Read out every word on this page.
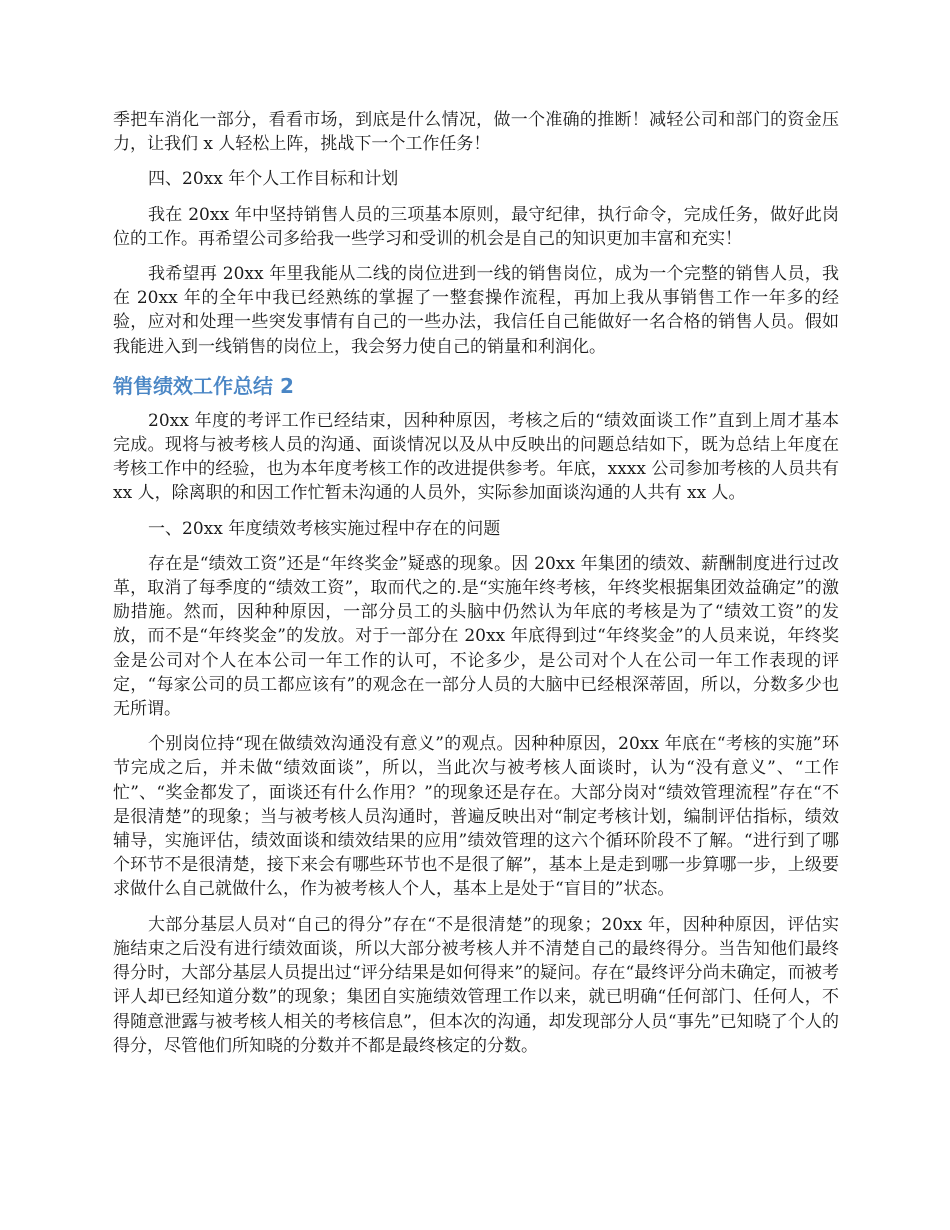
季把车消化一部分，看看市场，到底是什么情况，做一个准确的推断！减轻公司和部门的资金压力，让我们 x 人轻松上阵，挑战下一个工作任务！

四、20xx 年个人工作目标和计划

我在 20xx 年中坚持销售人员的三项基本原则，最守纪律，执行命令，完成任务，做好此岗位的工作。再希望公司多给我一些学习和受训的机会是自己的知识更加丰富和充实！

我希望再 20xx 年里我能从二线的岗位进到一线的销售岗位，成为一个完整的销售人员，我在 20xx 年的全年中我已经熟练的掌握了一整套操作流程，再加上我从事销售工作一年多的经验，应对和处理一些突发事情有自己的一些办法，我信任自己能做好一名合格的销售人员。假如我能进入到一线销售的岗位上，我会努力使自己的销量和利润化。

销售绩效工作总结 2

20xx 年度的考评工作已经结束，因种种原因，考核之后的“绩效面谈工作”直到上周才基本完成。现将与被考核人员的沟通、面谈情况以及从中反映出的问题总结如下，既为总结上年度在考核工作中的经验，也为本年度考核工作的改进提供参考。年底，xxxx 公司参加考核的人员共有 xx 人，除离职的和因工作忙暂未沟通的人员外，实际参加面谈沟通的人共有 xx 人。

一、20xx 年度绩效考核实施过程中存在的问题

存在是“绩效工资”还是“年终奖金”疑惑的现象。因 20xx 年集团的绩效、薪酬制度进行过改革，取消了每季度的“绩效工资”，取而代之的.是“实施年终考核，年终奖根据集团效益确定”的激励措施。然而，因种种原因，一部分员工的头脑中仍然认为年底的考核是为了“绩效工资”的发放，而不是“年终奖金”的发放。对于一部分在 20xx 年底得到过“年终奖金”的人员来说，年终奖金是公司对个人在本公司一年工作的认可，不论多少，是公司对个人在公司一年工作表现的评定，“每家公司的员工都应该有”的观念在一部分人员的大脑中已经根深蒂固，所以，分数多少也无所谓。

个别岗位持“现在做绩效沟通没有意义”的观点。因种种原因，20xx 年底在“考核的实施”环节完成之后，并未做“绩效面谈”，所以，当此次与被考核人面谈时，认为“没有意义”、“工作忙”、“奖金都发了，面谈还有什么作用？”的现象还是存在。大部分岗对“绩效管理流程”存在“不是很清楚”的现象；当与被考核人员沟通时，普遍反映出对“制定考核计划，编制评估指标，绩效辅导，实施评估，绩效面谈和绩效结果的应用”绩效管理的这六个循环阶段不了解。“进行到了哪个环节不是很清楚，接下来会有哪些环节也不是很了解”，基本上是走到哪一步算哪一步，上级要求做什么自己就做什么，作为被考核人个人，基本上是处于“盲目的”状态。

大部分基层人员对“自己的得分”存在“不是很清楚”的现象；20xx 年，因种种原因，评估实施结束之后没有进行绩效面谈，所以大部分被考核人并不清楚自己的最终得分。当告知他们最终得分时，大部分基层人员提出过“评分结果是如何得来”的疑问。存在“最终评分尚未确定，而被考评人却已经知道分数”的现象；集团自实施绩效管理工作以来，就已明确“任何部门、任何人，不得随意泄露与被考核人相关的考核信息”，但本次的沟通，却发现部分人员“事先”已知晓了个人的得分，尽管他们所知晓的分数并不都是最终核定的分数。
